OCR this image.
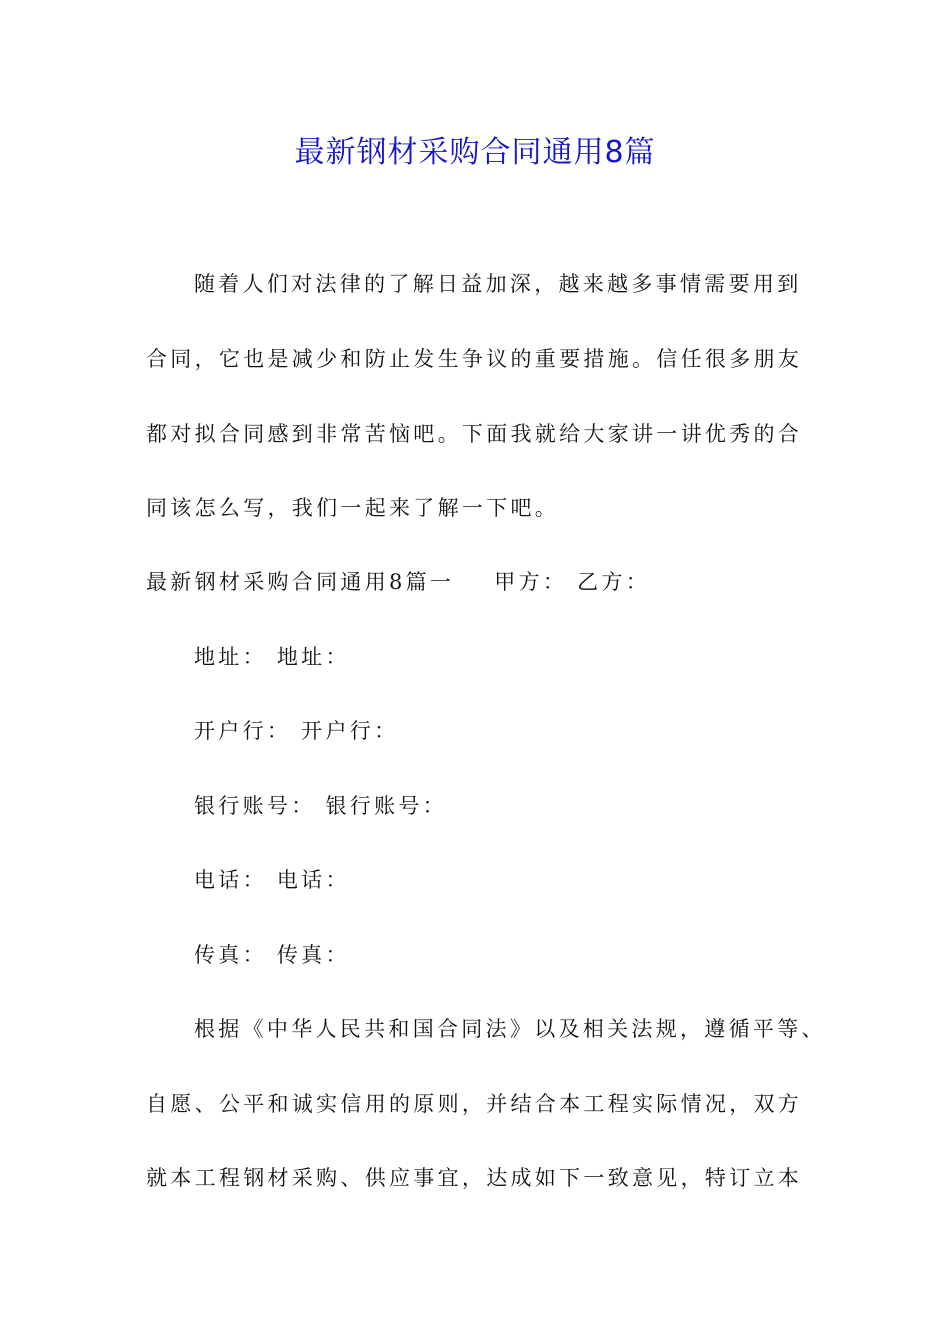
最新钢材采购合同通用8篇
随着人们对法律的了解日益加深，越来越多事情需要用到
合同，它也是减少和防止发生争议的重要措施。信任很多朋友
都对拟合同感到非常苦恼吧。下面我就给大家讲一讲优秀的合
同该怎么写，我们一起来了解一下吧。
最新钢材采购合同通用8篇一 甲方： 乙方：
地址： 地址：
开户行： 开户行：
银行账号： 银行账号：
电话： 电话：
传真： 传真：
根据《中华人民共和国合同法》以及相关法规，遵循平等、
自愿、公平和诚实信用的原则，并结合本工程实际情况，双方
就本工程钢材采购、供应事宜，达成如下一致意见，特订立本
